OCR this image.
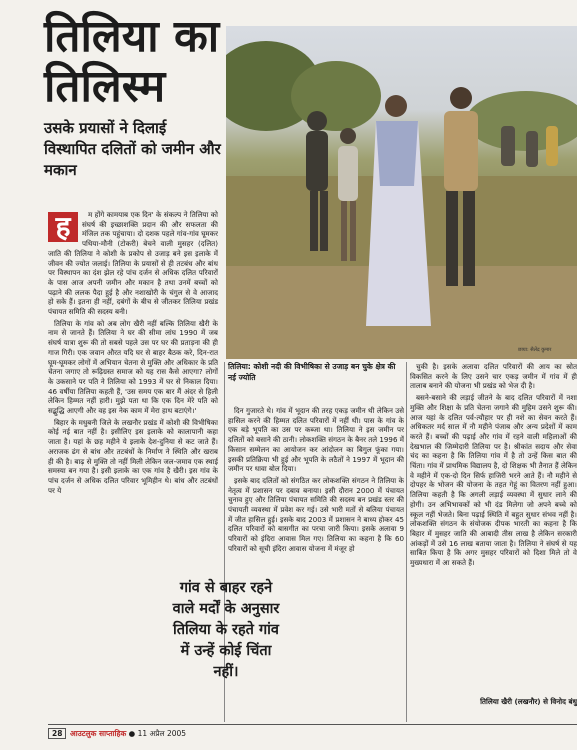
तिलिया का तिलिस्म
उसके प्रयासों ने दिलाई विस्थापित दलितों को जमीन और मकान
छाया: सैलेंद्र कुमार
तिलिया: कोशी नदी की विभीषिका से उजाड़ बन चुके क्षेत्र की नई ज्योति
ह	म होंगे कामयाब एक दिन' के संकल्प ने तिलिया को संघर्ष की इच्छाशक्ति प्रदान की और सफलता की मंजिल तक पहुंचाया। दो दशक पहले गांव-गांव घूमकर पथिया-मौनी (टोकरी) बेचने वाली मुसहर (दलित) जाति की तिलिया ने कोशी के प्रकोप से उजाड़ बने इस इलाके में जीवन की ज्योत जलाई। तिलिया के प्रयासों से ही तटबंध और बांध पर विस्थापन का दंश झेल रहे पांच दर्जन से अधिक दलित परिवारों के पास आज अपनी जमीन और मकान है तथा उनमें बच्चों को पढ़ाने की ललक पैदा हुई है और नशाखोरी के चंगुल से वे आजाद हो सके हैं। इतना ही नहीं, दबंगों के बीच से जीतकर तिलिया प्रखंड पंचायत समिति की सदस्य बनी।

तिलिया के गांव को अब लोग खैरी नहीं बल्कि तिलिया खैरी के नाम से जानते हैं। तिलिया ने घर की सीमा लांघ 1990 में जब संघर्ष यात्रा शुरू की तो सबसे पहले उस पर घर की प्रताड़ना की ही गाज गिरी। एक जवान औरत यदि घर से बाहर बैठक करे, दिन-रात घूम-घूमकर लोगों में अभियान चेतना से मुक्ति और अधिकार के प्रति चेतना जगाए तो रूढ़िग्रस्त समाज को यह रास कैसे आएगा? लोगों के उकसाने पर पति ने तिलिया को 1993 में घर से निकाल दिया। 46 वर्षीया तिलिया कहती हैं, 'उस समय एक बार मैं अंदर से हिली लेकिन हिम्मत नहीं हारी। मुझे पता था कि एक दिन मेरे पति को सद्बुद्धि आएगी और वह इस नेक काम में मेरा हाथ बटाएंगे।'

बिहार के मधुबनी जिले के लखनौर प्रखंड में कोशी की विभीषिका कोई नई बात नहीं है। इसीलिए इस इलाके को कालापानी कहा जाता है। यहां के छह महीने ये इलाके देश-दुनिया से कट जाते हैं। अराजक ढंग से बांध और तटबंधों के निर्माण ने स्थिति और खराब ही की है। बाढ़ से मुक्ति तो नहीं मिली लेकिन जल-जमाव एक स्थाई समस्या बन गया है। इसी इलाके का एक गांव है खैरी। इस गांव के पांच दर्जन से अधिक दलित परिवार भूमिहीन थे। बांध और तटबंधों पर ये

दिन गुजारते थे। गांव में भूदान की तरह एकड़ जमीन थी लेकिन उसे हासिल करने की हिम्मत दलित परिवारों में नहीं थी। पास के गांव के एक बड़े भूपति का उस पर कब्जा था। तिलिया ने इस जमीन पर दलितों को बसाने की ठानी। लोकशक्ति संगठन के बैनर तले 1996 में किसान सम्मेलन का आयोजन कर आंदोलन का बिगुल फूंका गया। इसकी प्रतिक्रिया भी हुई और भूपति के लठैतों ने 1997 में भूदान की जमीन पर धावा बोल दिया।

इसके बाद दलितों को संगठित कर लोकशक्ति संगठन ने तिलिया के नेतृत्व में प्रशासन पर दबाव बनाया। इसी दौरान 2000 में पंचायत चुनाव हुए और तिलिया पंचायत समिति की सदस्य बन प्रखंड स्तर की पंचायती व्यवस्था में प्रवेश कर गई। उसे भारी मतों से बलिया पंचायत में जीत हासिल हुई। इसके बाद 2003 में प्रशासन ने बाध्य होकर 45 दलित परिवारों को बासगीत का परचा जारी किया। इसके अलावा 9 परिवारों को इंदिरा आवास मिल गए। तिलिया का कहना है कि 60 परिवारों को सूची इंदिरा आवास योजना में मंजूर हो

गांव से बाहर रहने वाले मर्दों के अनुसार तिलिया के रहते गांव में उन्हें कोई चिंता नहीं।

चुकी है। इसके अलावा दलित परिवारों की आय का स्रोत विकसित करने के लिए उसने चार एकड़ जमीन में गांव में ही तालाब बनाने की योजना भी प्रखंड को भेज दी है।

बसने-बसाने की लड़ाई जीतने के बाद दलित परिवारों में नशा मुक्ति और शिक्षा के प्रति चेतना जगाने की मुहिम उसने शुरू की। आज यहां के दलित पर्व-त्यौहार पर ही नशे का सेवन करते हैं। अधिकतर मर्द साल में नौ महीने पंजाब और अन्य प्रदेशों में काम करते हैं। बच्चों की पढ़ाई और गांव में रहने वाली महिलाओं की देखभाल की जिम्मेदारी तिलिया पर है। श्रीकांत सदाय और सेवा चंद का कहना है कि तिलिया गांव में है तो उन्हें किस बात की चिंता। गांव में प्राथमिक विद्यालय है, दो शिक्षक भी तैनात हैं लेकिन वे महीने में एक-दो दिन सिर्फ हाजिरी भरने आते हैं। नौ महीने से दोपहर के भोजन की योजना के तहत गेहूं का वितरण नहीं हुआ। तिलिया कहती है कि अगली लड़ाई व्यवस्था में सुधार लाने की होगी। उन अभिभावकों को भी दंड मिलेगा जो अपने बच्चे को स्कूल नहीं भेजते। बिना पढ़ाई स्थिति में बहुत सुधार संभव नहीं है। लोकशक्ति संगठन के संयोजक दीपक भारती का कहना है कि बिहार में मुसहर जाति की आबादी तीस लाख है लेकिन सरकारी आंकड़ों में उसे 16 लाख बताया जाता है। तिलिया ने संघर्ष से यह साबित किया है कि अगर मुसहर परिवारों को दिशा मिले तो वे मुख्यधारा में आ सकते हैं।

तिलिया खैरी (लखनौर) से विनोद बंधु
28	आउटलुक साप्ताहिक ● 11 अप्रैल 2005
